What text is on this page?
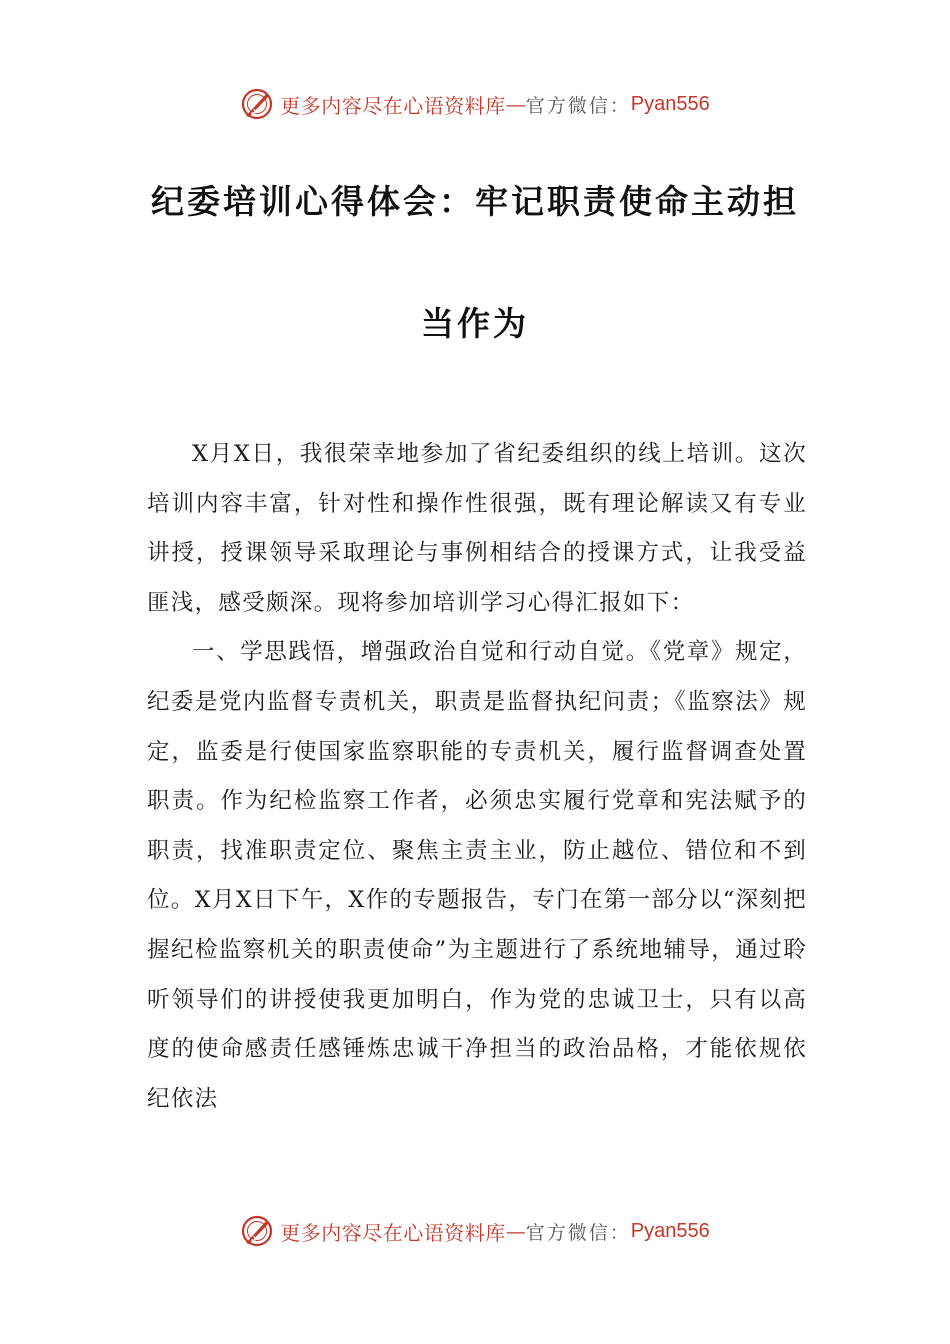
更多内容尽在心语资料库 — 官方微信： Pyan556
纪委培训心得体会：牢记职责使命主动担
当作为

X月X日，我很荣幸地参加了省纪委组织的线上培训。这次培训内容丰富，针对性和操作性很强，既有理论解读又有专业讲授，授课领导采取理论与事例相结合的授课方式，让我受益匪浅，感受颇深。现将参加培训学习心得汇报如下：

一、学思践悟，增强政治自觉和行动自觉。《党章》规定，纪委是党内监督专责机关，职责是监督执纪问责；《监察法》规定，监委是行使国家监察职能的专责机关，履行监督调查处置职责。作为纪检监察工作者，必须忠实履行党章和宪法赋予的职责，找准职责定位、聚焦主责主业，防止越位、错位和不到位。X月X日下午，X作的专题报告，专门在第一部分以“深刻把握纪检监察机关的职责使命”为主题进行了系统地辅导，通过聆听领导们的讲授使我更加明白，作为党的忠诚卫士，只有以高度的使命感责任感锤炼忠诚干净担当的政治品格，才能依规依纪依法

更多内容尽在心语资料库 — 官方微信： Pyan556
